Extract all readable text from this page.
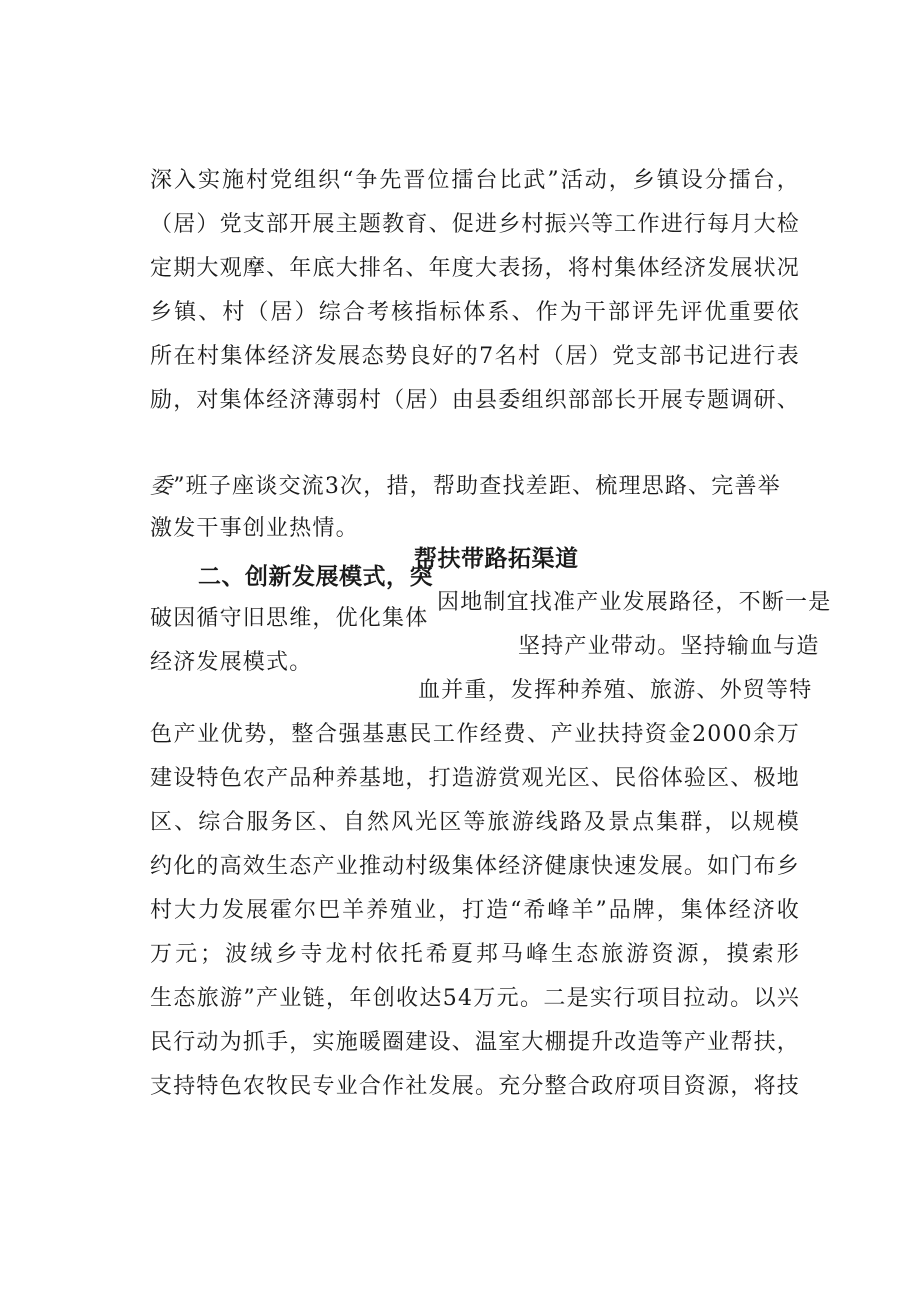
深入实施村党组织“争先晋位擂台比武”活动，乡镇设分擂台，
（居）党支部开展主题教育、促进乡村振兴等工作进行每月大检
定期大观摩、年底大排名、年度大表扬，将村集体经济发展状况
乡镇、村（居）综合考核指标体系、作为干部评先评优重要依
所在村集体经济发展态势良好的7名村（居）党支部书记进行表
励，对集体经济薄弱村（居）由县委组织部部长开展专题调研、
委”班子座谈交流3次，措，帮助查找差距、梳理思路、完善举
激发干事创业热情。
二、创新发展模式，突
帮扶带路拓渠道
破因循守旧思维，优化集体
经济发展模式。
因地制宜找准产业发展路径，不断一是
坚持产业带动。坚持输血与造
血并重，发挥种养殖、旅游、外贸等特
色产业优势，整合强基惠民工作经费、产业扶持资金2000余万
建设特色农产品种养基地，打造游赏观光区、民俗体验区、极地
区、综合服务区、自然风光区等旅游线路及景点集群，以规模
约化的高效生态产业推动村级集体经济健康快速发展。如门布乡
村大力发展霍尔巴羊养殖业，打造“希峰羊”品牌，集体经济收
万元；波绒乡寺龙村依托希夏邦马峰生态旅游资源，摸索形
生态旅游”产业链，年创收达54万元。二是实行项目拉动。以兴
民行动为抓手，实施暖圈建设、温室大棚提升改造等产业帮扶，
支持特色农牧民专业合作社发展。充分整合政府项目资源，将技
